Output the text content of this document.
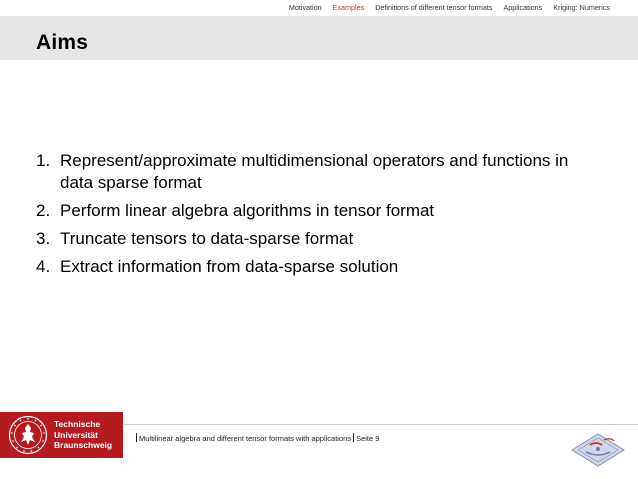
Motivation Examples Definitions of different tensor formats Applications Kriging: Numerics
Aims
1. Represent/approximate multidimensional operators and functions in data sparse format
2. Perform linear algebra algorithms in tensor format
3. Truncate tensors to data-sparse format
4. Extract information from data-sparse solution
Technische
Universität
Braunschweig
Multilinear algebra and different tensor formats with applications Seite 9
